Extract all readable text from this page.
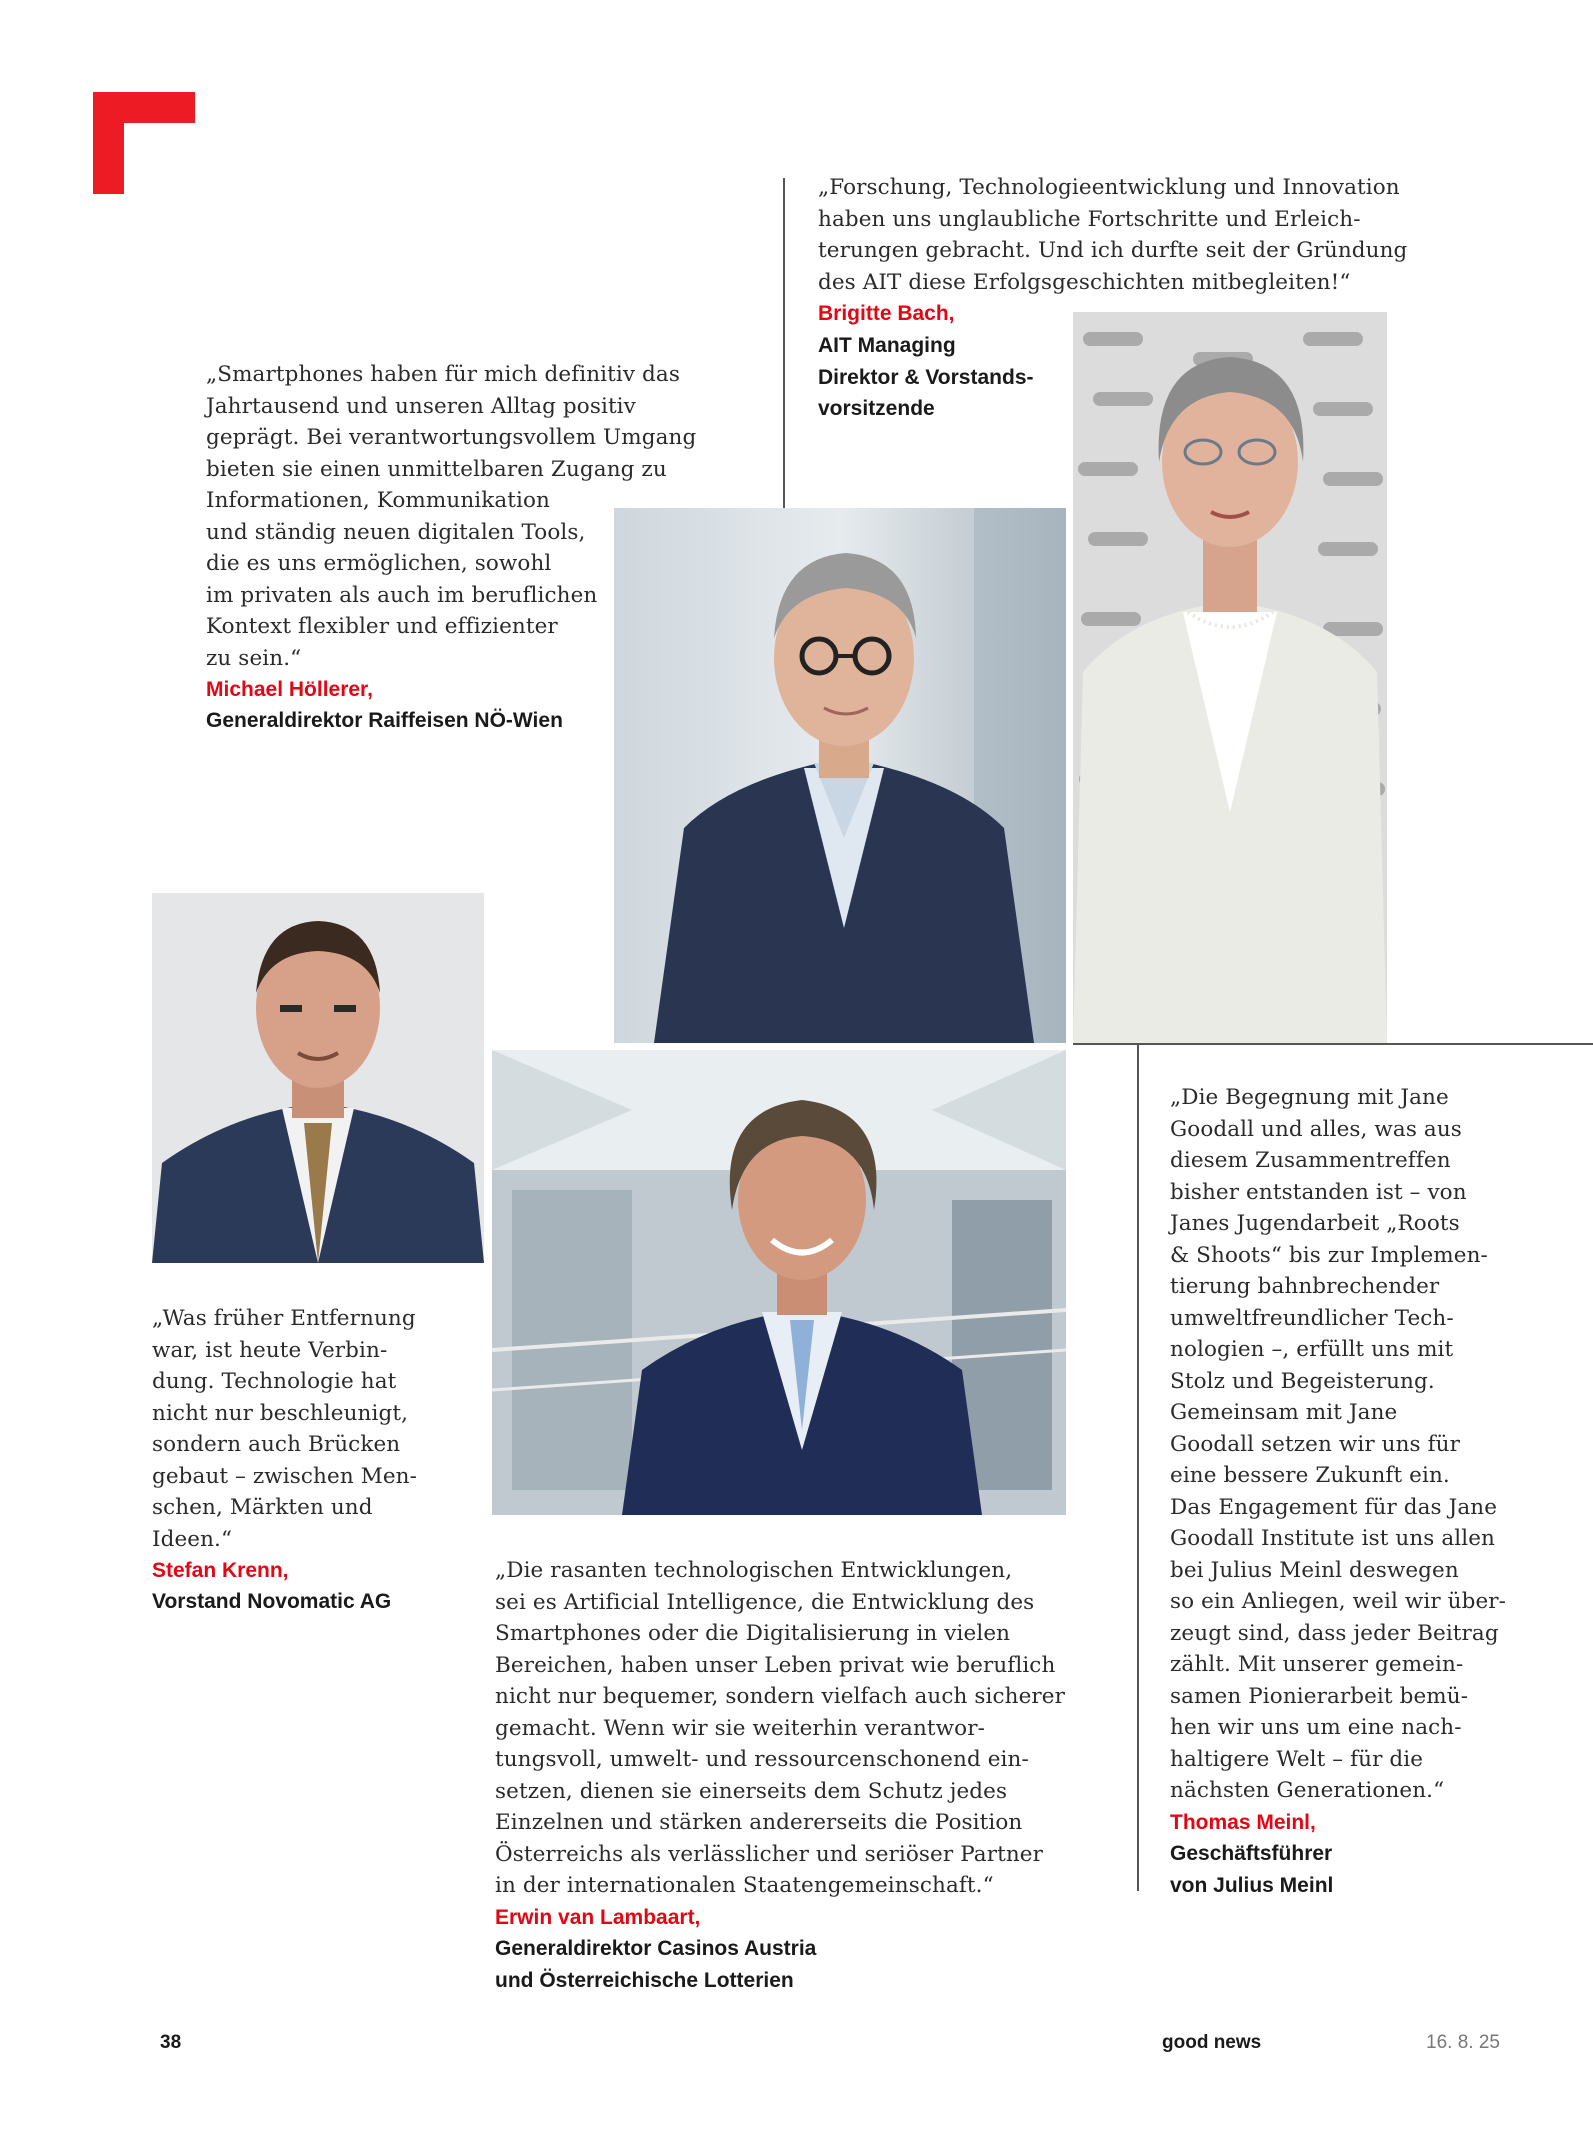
„Forschung, Technologieentwicklung und Innovation
haben uns unglaubliche Fortschritte und Erleich-
terungen gebracht. Und ich durfte seit der Gründung
des AIT diese Erfolgsgeschichten mitbegleiten!“

Brigitte Bach,

AIT Managing
Direktor & Vorstands-
vorsitzende

„Smartphones haben für mich definitiv das
Jahrtausend und unseren Alltag positiv
geprägt. Bei verantwortungsvollem Umgang
bieten sie einen unmittelbaren Zugang zu
Informationen, Kommunikation
und ständig neuen digitalen Tools,
die es uns ermöglichen, sowohl
im privaten als auch im beruflichen
Kontext flexibler und effizienter
zu sein.“

Michael Höllerer,

Generaldirektor Raiffeisen NÖ-Wien

„Die Begegnung mit Jane
Goodall und alles, was aus
diesem Zusammentreffen
bisher entstanden ist – von
Janes Jugendarbeit „Roots
& Shoots“ bis zur Implemen-
tierung bahnbrechender
umweltfreundlicher Tech-
nologien –, erfüllt uns mit
Stolz und Begeisterung.
Gemeinsam mit Jane
Goodall setzen wir uns für
eine bessere Zukunft ein.
Das Engagement für das Jane
Goodall Institute ist uns allen
bei Julius Meinl deswegen
so ein Anliegen, weil wir über-
zeugt sind, dass jeder Beitrag
zählt. Mit unserer gemein-
samen Pionierarbeit bemü-
hen wir uns um eine nach-
haltigere Welt – für die
nächsten Generationen.“

Thomas Meinl,

Geschäftsführer
von Julius Meinl

„Was früher Entfernung
war, ist heute Verbin-
dung. Technologie hat
nicht nur beschleunigt,
sondern auch Brücken
gebaut – zwischen Men-
schen, Märkten und
Ideen.“

Stefan Krenn,

Vorstand Novomatic AG

„Die rasanten technologischen Entwicklungen,
sei es Artificial Intelligence, die Entwicklung des
Smartphones oder die Digitalisierung in vielen
Bereichen, haben unser Leben privat wie beruflich
nicht nur bequemer, sondern vielfach auch sicherer
gemacht. Wenn wir sie weiterhin verantwor-
tungsvoll, umwelt- und ressourcenschonend ein-
setzen, dienen sie einerseits dem Schutz jedes
Einzelnen und stärken andererseits die Position
Österreichs als verlässlicher und seriöser Partner
in der internationalen Staatengemeinschaft.“

Erwin van Lambaart,

Generaldirektor Casinos Austria
und Österreichische Lotterien

38	good news	16. 8. 25
